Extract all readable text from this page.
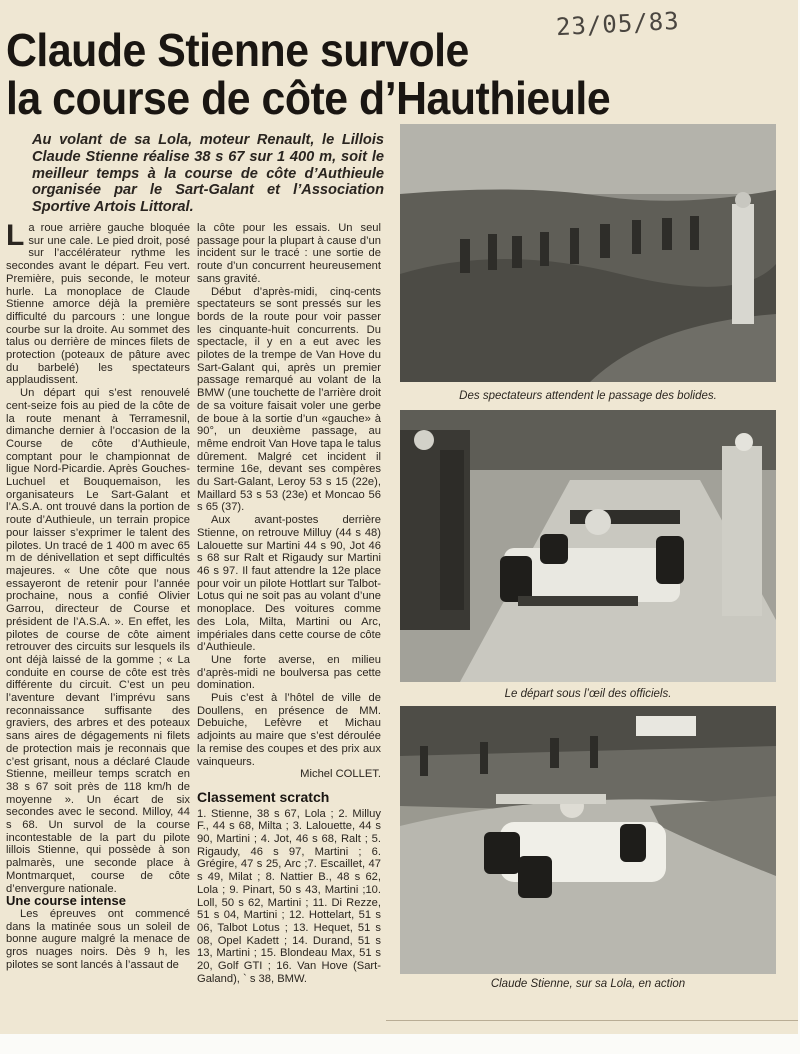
23/05/83
Claude Stienne survole
la course de côte d’Hauthieule
Au volant de sa Lola, moteur Renault, le Lillois Claude Stienne réalise 38 s 67 sur 1 400 m, soit le meilleur temps à la course de côte d’Authieule organisée par le Sart-Galant et l’Association Sportive Artois Littoral.

La roue arrière gauche bloquée sur une cale. Le pied droit, posé sur l’accélérateur rythme les secondes avant le départ. Feu vert. Première, puis seconde, le moteur hurle. La monoplace de Claude Stienne amorce déjà la première difficulté du parcours : une longue courbe sur la droite. Au sommet des talus ou derrière de minces filets de protection (poteaux de pâture avec du barbelé) les spectateurs applaudissent.

Un départ qui s’est renouvelé cent-seize fois au pied de la côte de la route menant à Terramesnil, dimanche dernier à l’occasion de la Course de côte d’Authieule, comptant pour le championnat de ligue Nord-Picardie. Après Gouches-Luchuel et Bouquemaison, les organisateurs Le Sart-Galant et l’A.S.A. ont trouvé dans la portion de route d’Authieule, un terrain propice pour laisser s’exprimer le talent des pilotes. Un tracé de 1 400 m avec 65 m de dénivellation et sept difficultés majeures. « Une côte que nous essayeront de retenir pour l’année prochaine, nous a confié Olivier Garrou, directeur de Course et président de l’A.S.A. ». En effet, les pilotes de course de côte aiment retrouver des circuits sur lesquels ils ont déjà laissé de la gomme ; « La conduite en course de côte est très différente du circuit. C’est un peu l’aventure devant l’imprévu sans reconnaissance suffisante des graviers, des arbres et des poteaux sans aires de dégagements ni filets de protection mais je reconnais que c’est grisant, nous a déclaré Claude Stienne, meilleur temps scratch en 38 s 67 soit près de 118 km/h de moyenne ». Un écart de six secondes avec le second. Milloy, 44 s 68. Un survol de la course incontestable de la part du pilote lillois Stienne, qui possède à son palmarès, une seconde place à Montmarquet, course de côte d’envergure nationale.

Une course intense

Les épreuves ont commencé dans la matinée sous un soleil de bonne augure malgré la menace de gros nuages noirs. Dès 9 h, les pilotes se sont lancés à l’assaut de

la côte pour les essais. Un seul passage pour la plupart à cause d’un incident sur le tracé : une sortie de route d’un concurrent heureusement sans gravité.

Début d’après-midi, cinq-cents spectateurs se sont pressés sur les bords de la route pour voir passer les cinquante-huit concurrents. Du spectacle, il y en a eut avec les pilotes de la trempe de Van Hove du Sart-Galant qui, après un premier passage remarqué au volant de la BMW (une touchette de l’arrière droit de sa voiture faisait voler une gerbe de boue à la sortie d’un «gauche» à 90°, un deuxième passage, au même endroit Van Hove tapa le talus dûrement. Malgré cet incident il termine 16e, devant ses compères du Sart-Galant, Leroy 53 s 15 (22e), Maillard 53 s 53 (23e) et Moncao 56 s 65 (37).

Aux avant-postes derrière Stienne, on retrouve Milluy (44 s 48) Lalouette sur Martini 44 s 90, Jot 46 s 68 sur Ralt et Rigaudy sur Martini 46 s 97. Il faut attendre la 12e place pour voir un pilote Hottlart sur Talbot-Lotus qui ne soit pas au volant d’une monoplace. Des voitures comme des Lola, Milta, Martini ou Arc, impériales dans cette course de côte d’Authieule.

Une forte averse, en milieu d’après-midi ne boulversa pas cette domination.

Puis c’est à l’hôtel de ville de Doullens, en présence de MM. Debuiche, Lefèvre et Michau adjoints au maire que s’est déroulée la remise des coupes et des prix aux vainqueurs.

Michel COLLET.

Classement scratch

1. Stienne, 38 s 67, Lola ; 2. Milluy F., 44 s 68, Milta ; 3. Lalouette, 44 s 90, Martini ; 4. Jot, 46 s 68, Ralt ; 5. Rigaudy, 46 s 97, Martini ; 6. Grégire, 47 s 25, Arc ;7. Escaillet, 47 s 49, Milat ; 8. Nattier B., 48 s 62, Lola ; 9. Pinart, 50 s 43, Martini ;10. Loll, 50 s 62, Martini ; 11. Di Rezze, 51 s 04, Martini ; 12. Hottelart, 51 s 06, Talbot Lotus ; 13. Hequet, 51 s 08, Opel Kadett ; 14. Durand, 51 s 13, Martini ; 15. Blondeau Max, 51 s 20, Golf GTI ; 16. Van Hove (Sart-Galand), ` s 38, BMW.

Des spectateurs attendent le passage des bolides.
Le départ sous l’œil des officiels.
Claude Stienne, sur sa Lola, en action
